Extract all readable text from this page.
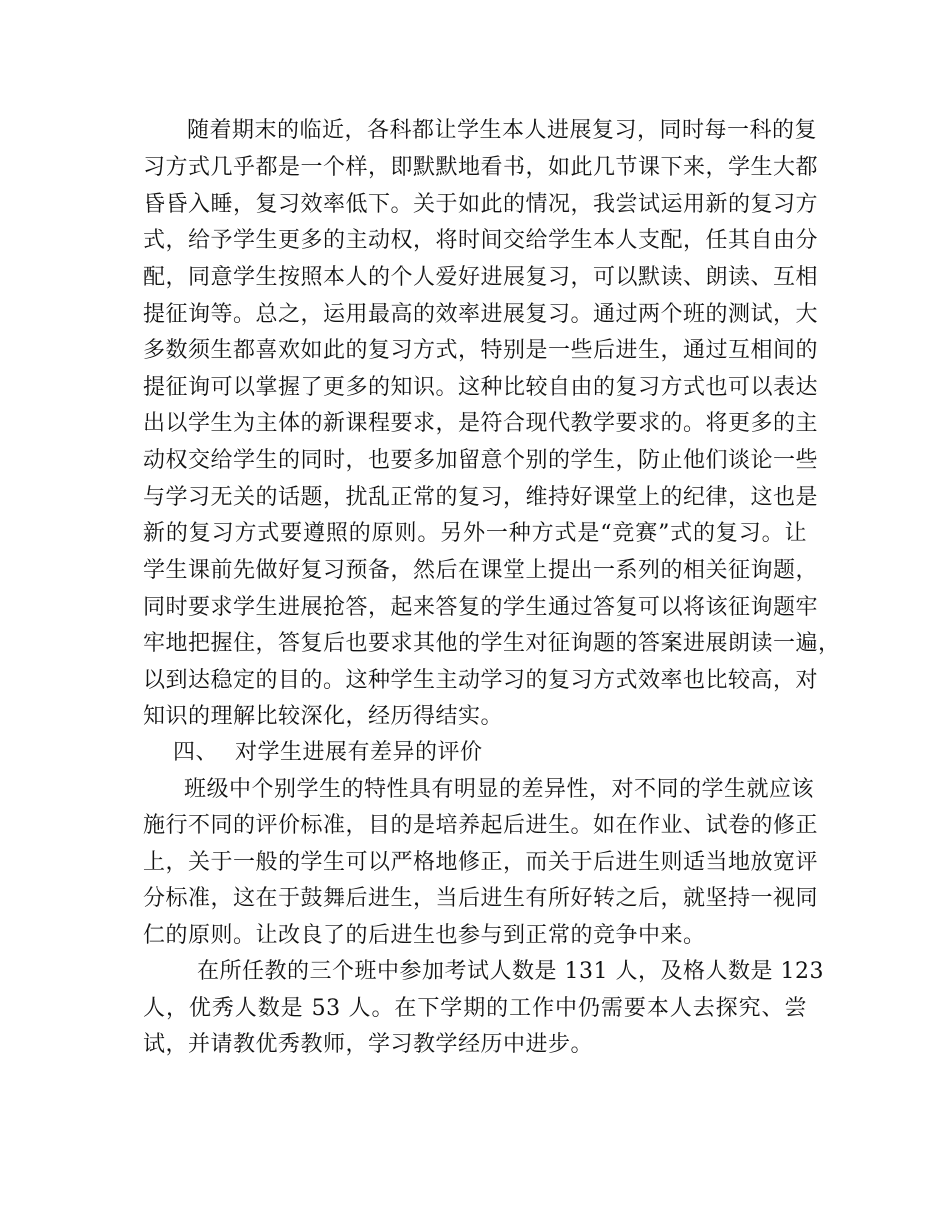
随着期末的临近，各科都让学生本人进展复习，同时每一科的复
习方式几乎都是一个样，即默默地看书，如此几节课下来，学生大都
昏昏入睡，复习效率低下。关于如此的情况，我尝试运用新的复习方
式，给予学生更多的主动权，将时间交给学生本人支配，任其自由分
配，同意学生按照本人的个人爱好进展复习，可以默读、朗读、互相
提征询等。总之，运用最高的效率进展复习。通过两个班的测试，大
多数须生都喜欢如此的复习方式，特别是一些后进生，通过互相间的
提征询可以掌握了更多的知识。这种比较自由的复习方式也可以表达
出以学生为主体的新课程要求，是符合现代教学要求的。将更多的主
动权交给学生的同时，也要多加留意个别的学生，防止他们谈论一些
与学习无关的话题，扰乱正常的复习，维持好课堂上的纪律，这也是
新的复习方式要遵照的原则。另外一种方式是“竞赛”式的复习。让
学生课前先做好复习预备，然后在课堂上提出一系列的相关征询题，
同时要求学生进展抢答，起来答复的学生通过答复可以将该征询题牢
牢地把握住，答复后也要求其他的学生对征询题的答案进展朗读一遍，
以到达稳定的目的。这种学生主动学习的复习方式效率也比较高，对
知识的理解比较深化，经历得结实。
四、 对学生进展有差异的评价
班级中个别学生的特性具有明显的差异性，对不同的学生就应该
施行不同的评价标准，目的是培养起后进生。如在作业、试卷的修正
上，关于一般的学生可以严格地修正，而关于后进生则适当地放宽评
分标准，这在于鼓舞后进生，当后进生有所好转之后，就坚持一视同
仁的原则。让改良了的后进生也参与到正常的竞争中来。
在所任教的三个班中参加考试人数是 131 人，及格人数是 123
人，优秀人数是 53 人。在下学期的工作中仍需要本人去探究、尝
试，并请教优秀教师，学习教学经历中进步。
